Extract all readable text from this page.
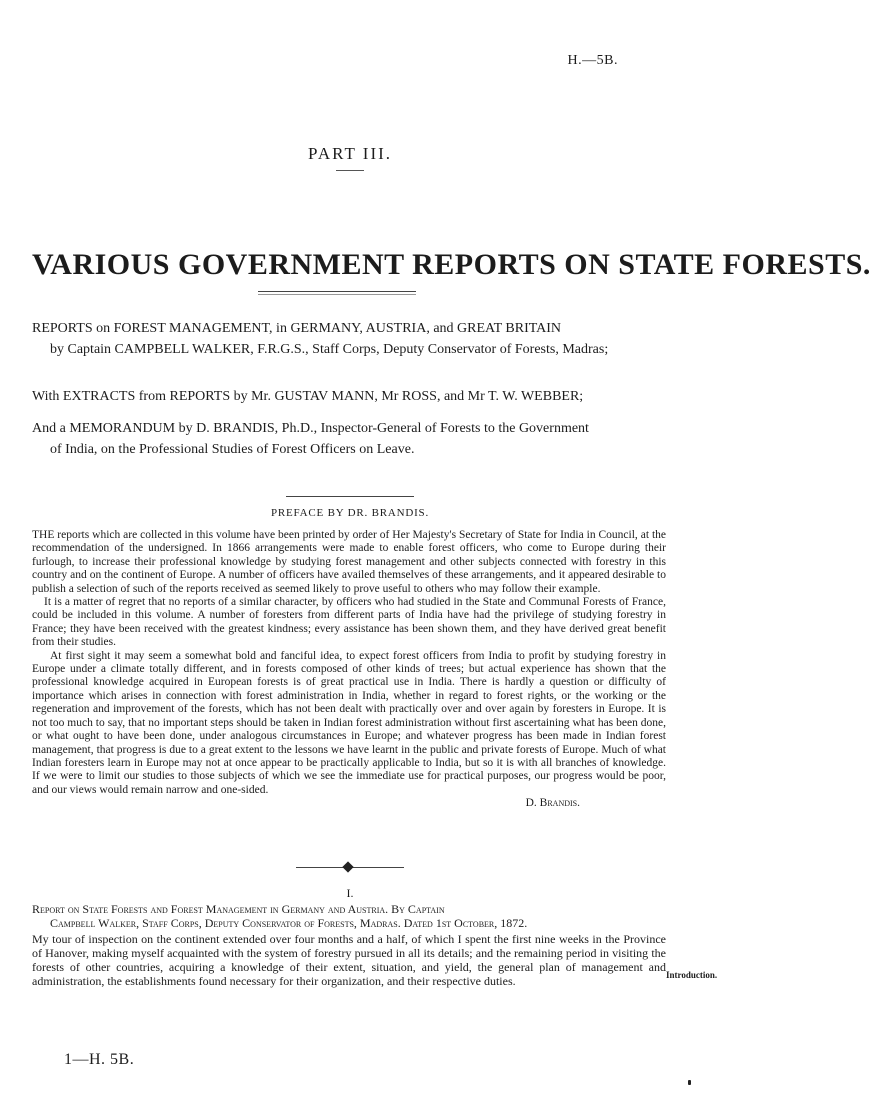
H.—5B.
PART III.
VARIOUS GOVERNMENT REPORTS ON STATE FORESTS.
REPORTS on FOREST MANAGEMENT, in GERMANY, AUSTRIA, and GREAT BRITAIN
by Captain CAMPBELL WALKER, F.R.G.S., Staff Corps, Deputy Conservator of Forests, Madras;
With EXTRACTS from REPORTS by Mr. GUSTAV MANN, Mr ROSS, and Mr T. W. WEBBER;
And a MEMORANDUM by D. BRANDIS, Ph.D., Inspector-General of Forests to the Government
of India, on the Professional Studies of Forest Officers on Leave.
PREFACE BY DR. BRANDIS.

THE reports which are collected in this volume have been printed by order of Her Majesty's Secretary of State for India in Council, at the recommendation of the undersigned. In 1866 arrangements were made to enable forest officers, who come to Europe during their furlough, to increase their professional knowledge by studying forest management and other subjects connected with forestry in this country and on the continent of Europe. A number of officers have availed themselves of these arrangements, and it appeared desirable to publish a selection of such of the reports received as seemed likely to prove useful to others who may follow their example.

It is a matter of regret that no reports of a similar character, by officers who had studied in the State and Communal Forests of France, could be included in this volume. A number of foresters from different parts of India have had the privilege of studying forestry in France; they have been received with the greatest kindness; every assistance has been shown them, and they have derived great benefit from their studies.

At first sight it may seem a somewhat bold and fanciful idea, to expect forest officers from India to profit by studying forestry in Europe under a climate totally different, and in forests composed of other kinds of trees; but actual experience has shown that the professional knowledge acquired in European forests is of great practical use in India. There is hardly a question or difficulty of importance which arises in connection with forest administration in India, whether in regard to forest rights, or the working or the regeneration and improvement of the forests, which has not been dealt with practically over and over again by foresters in Europe. It is not too much to say, that no important steps should be taken in Indian forest administration without first ascertaining what has been done, or what ought to have been done, under analogous circumstances in Europe; and whatever progress has been made in Indian forest management, that progress is due to a great extent to the lessons we have learnt in the public and private forests of Europe. Much of what Indian foresters learn in Europe may not at once appear to be practically applicable to India, but so it is with all branches of knowledge. If we were to limit our studies to those subjects of which we see the immediate use for practical purposes, our progress would be poor, and our views would remain narrow and one-sided.

D. Brandis.

I.
Report on State Forests and Forest Management in Germany and Austria. By Captain
Campbell Walker, Staff Corps, Deputy Conservator of Forests, Madras. Dated 1st October, 1872.
My tour of inspection on the continent extended over four months and a half, of which I spent the first nine weeks in the Province of Hanover, making myself acquainted with the system of forestry pursued in all its details; and the remaining period in visiting the forests of other countries, acquiring a knowledge of their extent, situation, and yield, the general plan of management and administration, the establishments found necessary for their organization, and their respective duties.	Introduction.
1—H. 5B.
